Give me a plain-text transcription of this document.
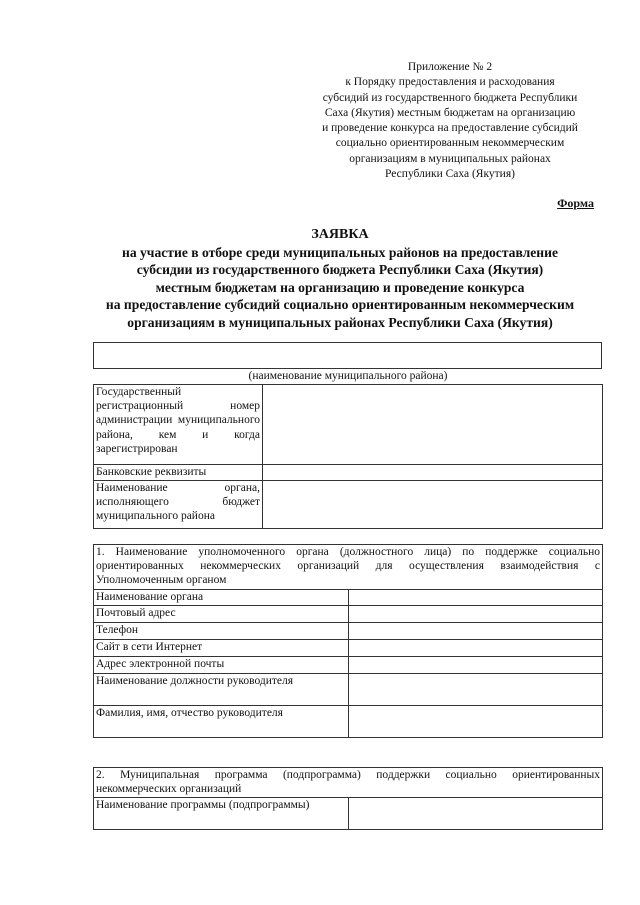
Приложение № 2
к Порядку предоставления и расходования
субсидий из государственного бюджета Республики
Саха (Якутия) местным бюджетам на организацию
и проведение конкурса на предоставление субсидий
социально ориентированным некоммерческим
организациям в муниципальных районах
Республики Саха (Якутия)
Форма
ЗАЯВКА
на участие в отборе среди муниципальных районов на предоставление
субсидии из государственного бюджета Республики Саха (Якутия)
местным бюджетам на организацию и проведение конкурса
на предоставление субсидий социально ориентированным некоммерческим
организациям в муниципальных районах Республики Саха (Якутия)
(наименование муниципального района)
Государственный регистрационный номер администрации муниципального района, кем и когда зарегистрирован	
Банковские реквизиты	
Наименование органа, исполняющего бюджет муниципального района	
1. Наименование уполномоченного органа (должностного лица) по поддержке социально ориентированных некоммерческих организаций для осуществления взаимодействия с Уполномоченным органом	
Наименование органа	
Почтовый адрес	
Телефон	
Сайт в сети Интернет	
Адрес электронной почты	
Наименование должности руководителя	
Фамилия, имя, отчество руководителя	
2. Муниципальная программа (подпрограмма) поддержки социально ориентированных некоммерческих организаций
Наименование программы (подпрограммы)	
